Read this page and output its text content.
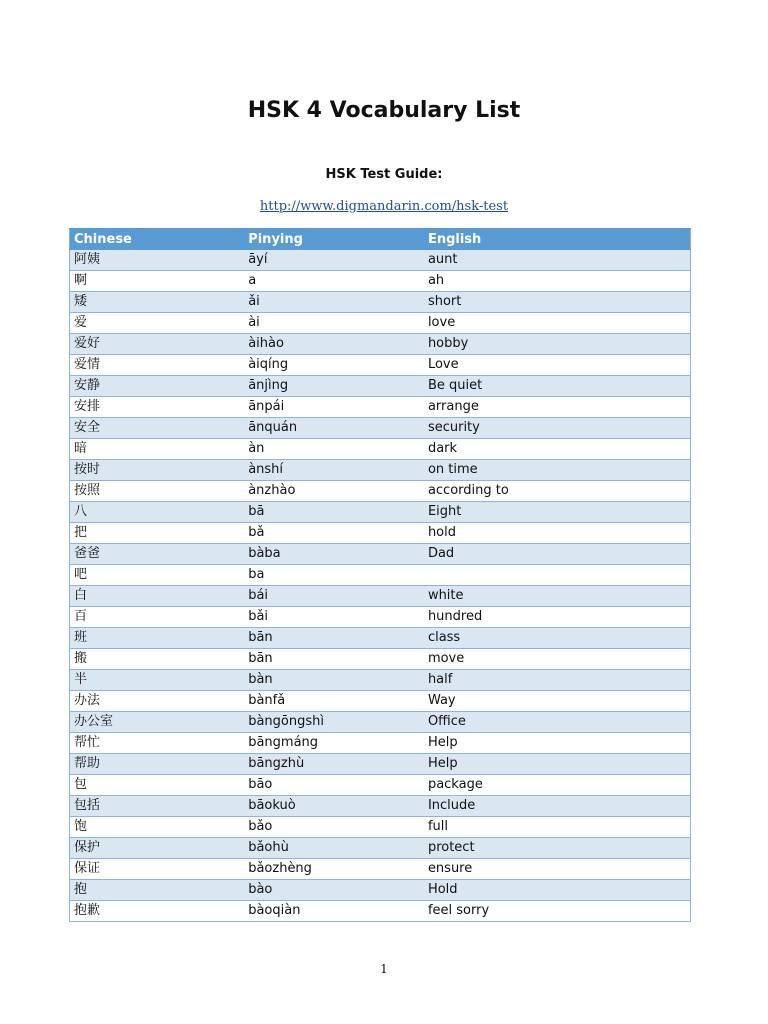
HSK 4 Vocabulary List
HSK Test Guide:
http://www.digmandarin.com/hsk-test
Chinese	Pinying	English
阿姨	āyí	aunt
啊	a	ah
矮	ǎi	short
爱	ài	love
爱好	àihào	hobby
爱情	àiqíng	Love
安静	ānjìng	Be quiet
安排	ānpái	arrange
安全	ānquán	security
暗	àn	dark
按时	ànshí	on time
按照	ànzhào	according to
八	bā	Eight
把	bǎ	hold
爸爸	bàba	Dad
吧	ba	
白	bái	white
百	bǎi	hundred
班	bān	class
搬	bān	move
半	bàn	half
办法	bànfǎ	Way
办公室	bàngōngshì	Office
帮忙	bāngmáng	Help
帮助	bāngzhù	Help
包	bāo	package
包括	bāokuò	Include
饱	bǎo	full
保护	bǎohù	protect
保证	bǎozhèng	ensure
抱	bào	Hold
抱歉	bàoqiàn	feel sorry
1
